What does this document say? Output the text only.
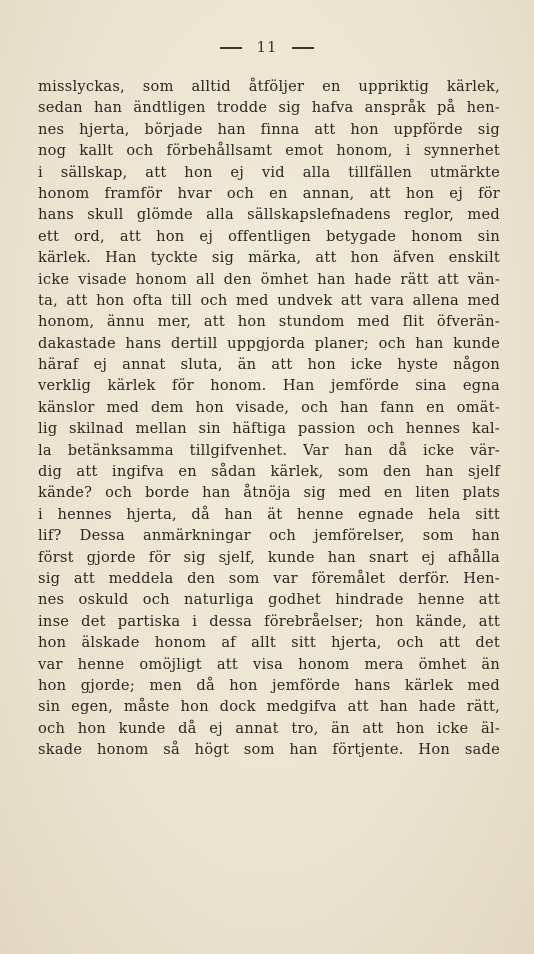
11
misslyckas, som alltid åtföljer en uppriktig kärlek,
sedan han ändtligen trodde sig hafva anspråk på hen-
nes hjerta, började han finna att hon uppförde sig
nog kallt och förbehållsamt emot honom, i synnerhet
i sällskap, att hon ej vid alla tillfällen utmärkte
honom framför hvar och en annan, att hon ej för
hans skull glömde alla sällskapslefnadens reglor, med
ett ord, att hon ej offentligen betygade honom sin
kärlek. Han tyckte sig märka, att hon äfven enskilt
icke visade honom all den ömhet han hade rätt att vän-
ta, att hon ofta till och med undvek att vara allena med
honom, ännu mer, att hon stundom med flit öfverän-
dakastade hans dertill uppgjorda planer; och han kunde
häraf ej annat sluta, än att hon icke hyste någon
verklig kärlek för honom. Han jemförde sina egna
känslor med dem hon visade, och han fann en omät-
lig skilnad mellan sin häftiga passion och hennes kal-
la betänksamma tillgifvenhet. Var han då icke vär-
dig att ingifva en sådan kärlek, som den han sjelf
kände? och borde han åtnöja sig med en liten plats
i hennes hjerta, då han ät henne egnade hela sitt
lif? Dessa anmärkningar och jemförelser, som han
först gjorde för sig sjelf, kunde han snart ej afhålla
sig att meddela den som var föremålet derför. Hen-
nes oskuld och naturliga godhet hindrade henne att
inse det partiska i dessa förebråelser; hon kände, att
hon älskade honom af allt sitt hjerta, och att det
var henne omöjligt att visa honom mera ömhet än
hon gjorde; men då hon jemförde hans kärlek med
sin egen, måste hon dock medgifva att han hade rätt,
och hon kunde då ej annat tro, än att hon icke äl-
skade honom så högt som han förtjente. Hon sade
